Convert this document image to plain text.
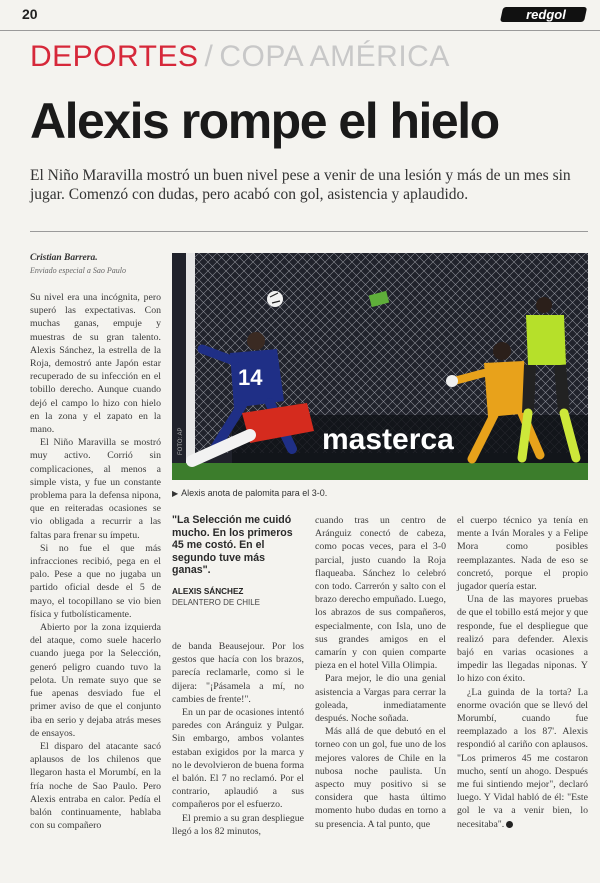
20	redgol
DEPORTES / COPA AMÉRICA
Alexis rompe el hielo
El Niño Maravilla mostró un buen nivel pese a venir de una lesión y más de un mes sin jugar. Comenzó con dudas, pero acabó con gol, asistencia y aplaudido.
Cristian Barrera.
Enviado especial a Sao Paulo

Su nivel era una incógnita, pero superó las expectativas. Con muchas ganas, empuje y muestras de su gran talento. Alexis Sánchez, la estrella de la Roja, demostró ante Japón estar recuperado de su infección en el tobillo derecho. Aunque cuando dejó el campo lo hizo con hielo en la zona y el zapato en la mano.

El Niño Maravilla se mostró muy activo. Corrió sin complicaciones, al menos a simple vista, y fue un constante problema para la defensa nipona, que en reiteradas ocasiones se vio obligada a recurrir a las faltas para frenar su ímpetu.

Si no fue el que más infracciones recibió, pega en el palo. Pese a que no jugaba un partido oficial desde el 5 de mayo, el tocopillano se vio bien física y futbolísticamente.

Abierto por la zona izquierda del ataque, como suele hacerlo cuando juega por la Selección, generó peligro cuando tuvo la pelota. Un remate suyo que se fue apenas desviado fue el primer aviso de que el conjunto iba en serio y dejaba atrás meses de ensayos.

El disparo del atacante sacó aplausos de los chilenos que llegaron hasta el Morumbí, en la fría noche de Sao Paulo. Pero Alexis entraba en calor. Pedía el balón continuamente, hablaba con su compañero

masterca
14
FOTO: AP
▶ Alexis anota de palomita para el 3-0.
"La Selección me cuidó mucho. En los primeros 45 me costó. En el segundo tuve más ganas".
ALEXIS SÁNCHEZ
DELANTERO DE CHILE

de banda Beausejour. Por los gestos que hacía con los brazos, parecía reclamarle, como si le dijera: "¡Pásamela a mí, no cambies de frente!".

En un par de ocasiones intentó paredes con Aránguiz y Pulgar. Sin embargo, ambos volantes estaban exigidos por la marca y no le devolvieron de buena forma el balón. El 7 no reclamó. Por el contrario, aplaudió a sus compañeros por el esfuerzo.

El premio a su gran despliegue llegó a los 82 minutos,

cuando tras un centro de Aránguiz conectó de cabeza, como pocas veces, para el 3-0 parcial, justo cuando la Roja flaqueaba. Sánchez lo celebró con todo. Carrerón y salto con el brazo derecho empuñado. Luego, los abrazos de sus compañeros, especialmente, con Isla, uno de sus grandes amigos en el camarín y con quien comparte pieza en el hotel Villa Olimpia.

Para mejor, le dio una genial asistencia a Vargas para cerrar la goleada, inmediatamente después. Noche soñada.

Más allá de que debutó en el torneo con un gol, fue uno de los mejores valores de Chile en la nubosa noche paulista. Un aspecto muy positivo si se considera que hasta último momento hubo dudas en torno a su presencia. A tal punto, que

el cuerpo técnico ya tenía en mente a Iván Morales y a Felipe Mora como posibles reemplazantes. Nada de eso se concretó, porque el propio jugador quería estar.

Una de las mayores pruebas de que el tobillo está mejor y que responde, fue el despliegue que realizó para defender. Alexis bajó en varias ocasiones a impedir las llegadas niponas. Y lo hizo con éxito.

¿La guinda de la torta? La enorme ovación que se llevó del Morumbí, cuando fue reemplazado a los 87'. Alexis respondió al cariño con aplausos. "Los primeros 45 me costaron mucho, sentí un ahogo. Después me fui sintiendo mejor", declaró luego. Y Vidal habló de él: "Este gol le va a venir bien, lo necesitaba".
